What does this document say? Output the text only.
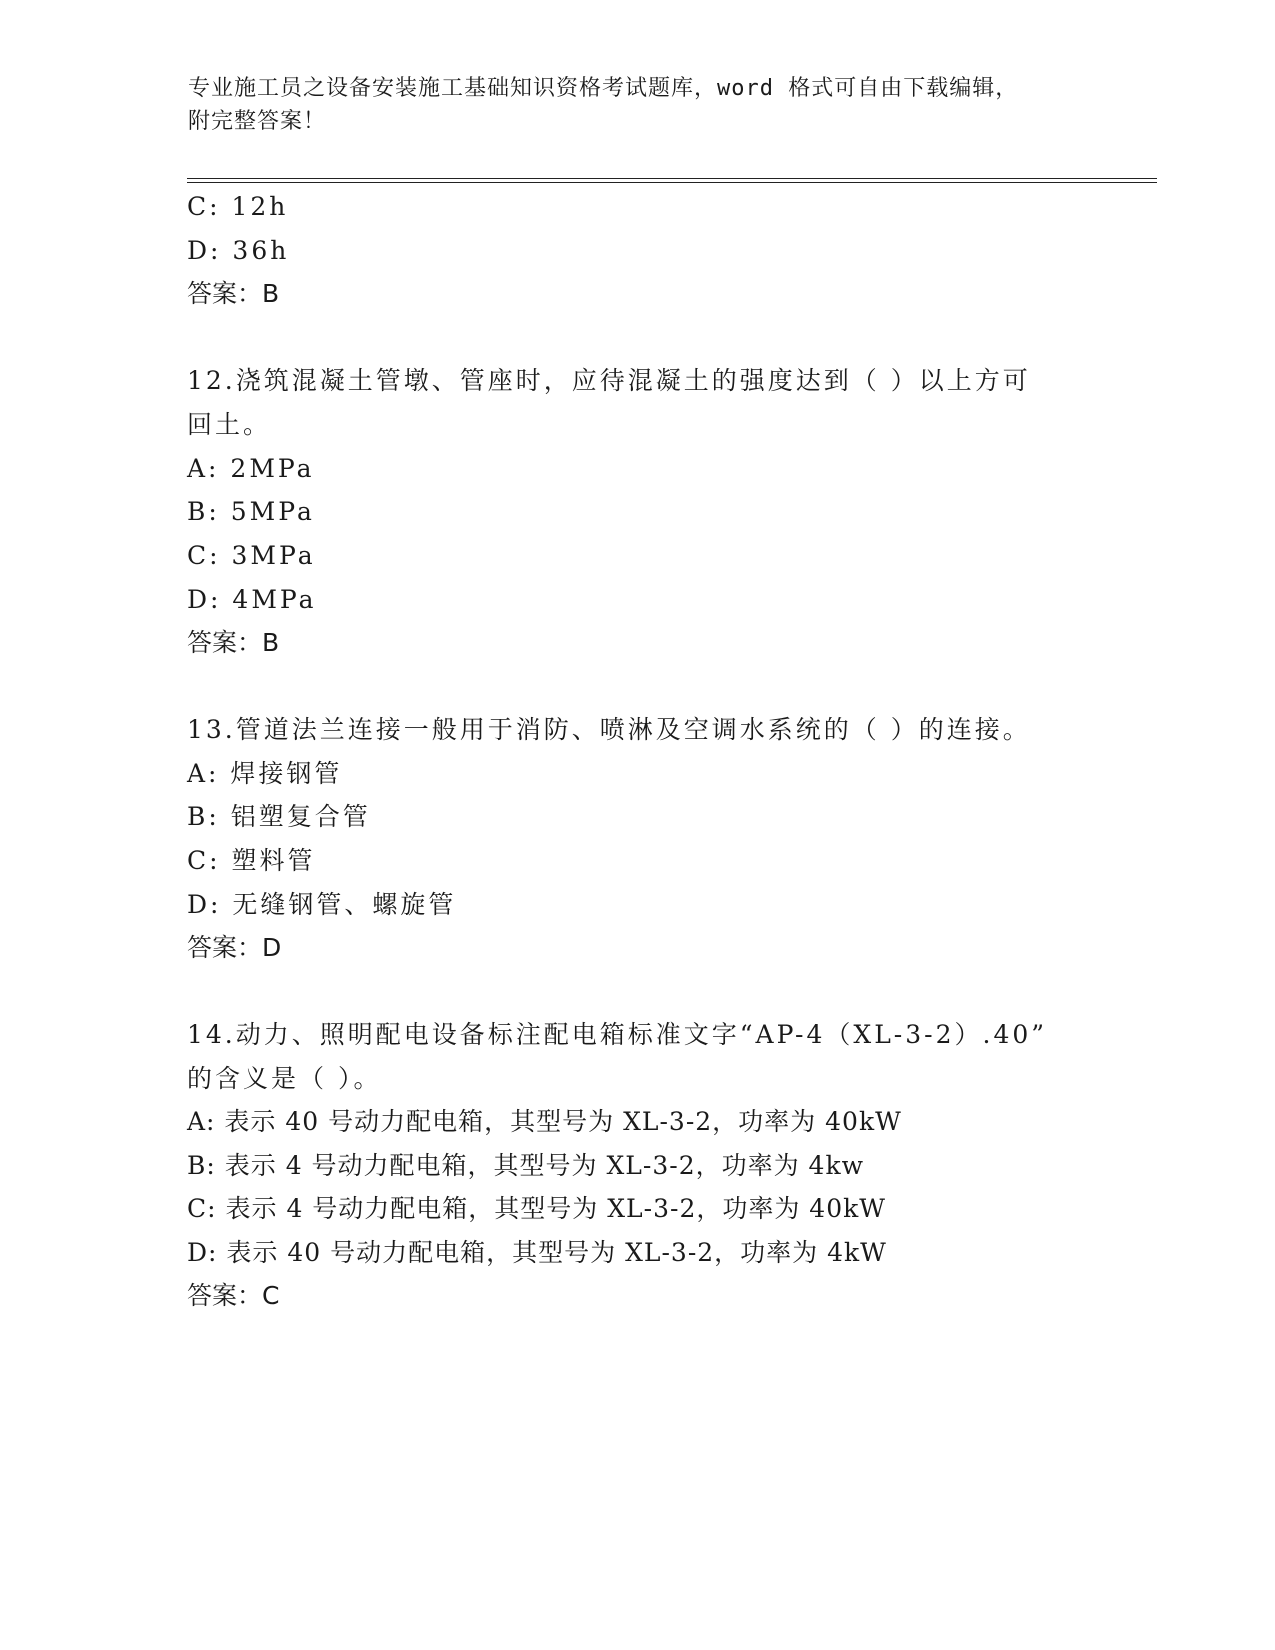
专业施工员之设备安装施工基础知识资格考试题库，word 格式可自由下载编辑，
附完整答案！
C: 12h
D: 36h
答案：B
12.浇筑混凝土管墩、管座时，应待混凝土的强度达到（ ）以上方可
回土。
A: 2MPa
B: 5MPa
C: 3MPa
D: 4MPa
答案：B
13.管道法兰连接一般用于消防、喷淋及空调水系统的（ ）的连接。
A: 焊接钢管
B: 铝塑复合管
C: 塑料管
D: 无缝钢管、螺旋管
答案：D
14.动力、照明配电设备标注配电箱标准文字“AP-4（XL-3-2）.40”
的含义是（ ）。
A: 表示 40 号动力配电箱，其型号为 XL-3-2，功率为 40kW
B: 表示 4 号动力配电箱，其型号为 XL-3-2，功率为 4kw
C: 表示 4 号动力配电箱，其型号为 XL-3-2，功率为 40kW
D: 表示 40 号动力配电箱，其型号为 XL-3-2，功率为 4kW
答案：C
